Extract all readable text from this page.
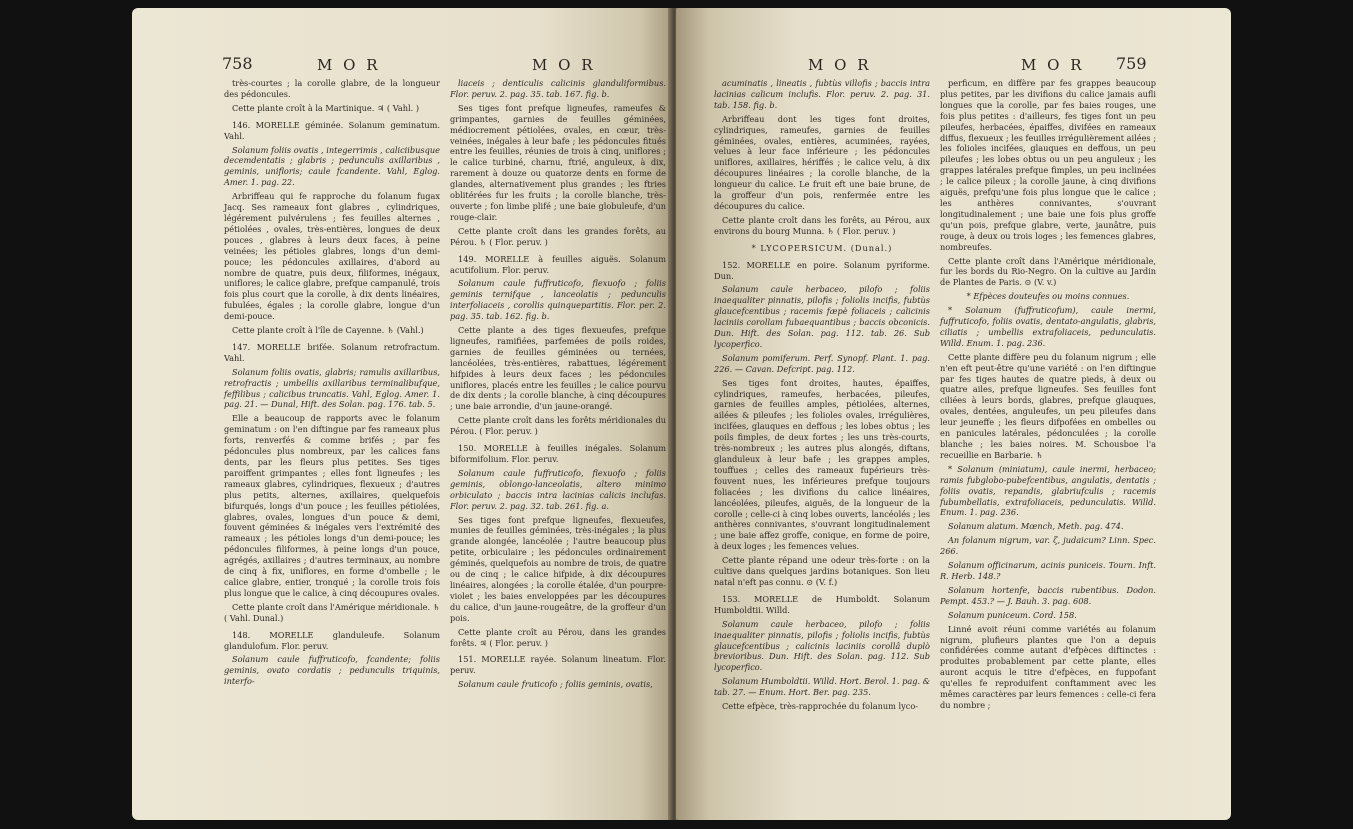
758	M O R	M O R

très-courtes ; la corolle glabre, de la longueur des pédoncules.

Cette plante croît à la Martinique. ♃ ( Vahl. )

146. MORELLE géminée. Solanum geminatum. Vahl.

Solanum foliis ovatis , integerrimis , caliciibusque decemdentatis ; glabris ; pedunculis axillaribus , geminis, unifloris; caule fcandente. Vahl, Eglog. Amer. 1. pag. 22.

Arbriffeau qui fe rapproche du folanum fugax Jacq. Ses rameaux font glabres , cylindriques, légérement pulvérulens ; fes feuilles alternes , pétiolées , ovales, très-entières, longues de deux pouces , glabres à leurs deux faces, à peine veinées; les pétioles glabres, longs d'un demi-pouce; les pédoncules axillaires, d'abord au nombre de quatre, puis deux, filiformes, inégaux, uniflores; le calice glabre, prefque campanulé, trois fois plus court que la corolle, à dix dents linéaires, fubulées, égales ; la corolle glabre, longue d'un demi-pouce.

Cette plante croît à l'île de Cayenne. ♄ (Vahl.)

147. MORELLE brifée. Solanum retrofractum. Vahl.

Solanum foliis ovatis, glabris; ramulis axillaribus, retrofractis ; umbellis axillaribus terminalibufque, feffilibus ; calicibus truncatis. Vahl, Eglog. Amer. 1. pag. 21. — Dunal, Hift. des Solan. pag. 176. tab. 5.

Elle a beaucoup de rapports avec le folanum geminatum : on l'en diftingue par fes rameaux plus forts, renverfés & comme brifés ; par fes pédoncules plus nombreux, par les calices fans dents, par les fleurs plus petites. Ses tiges paroiffent grimpantes ; elles font ligneufes ; les rameaux glabres, cylindriques, flexueux ; d'autres plus petits, alternes, axillaires, quelquefois bifurqués, longs d'un pouce ; les feuilles pétiolées, glabres, ovales, longues d'un pouce & demi, fouvent géminées & inégales vers l'extrémité des rameaux ; les pétioles longs d'un demi-pouce; les pédoncules filiformes, à peine longs d'un pouce, agrégés, axillaires ; d'autres terminaux, au nombre de cinq à fix, uniflores, en forme d'ombelle ; le calice glabre, entier, tronqué ; la corolle trois fois plus longue que le calice, à cinq découpures ovales.

Cette plante croît dans l'Amérique méridionale. ♄ ( Vahl. Dunal.)

148. MORELLE glanduleufe. Solanum glandulofum. Flor. peruv.

Solanum caule fuffruticofo, fcandente; foliis geminis, ovato cordatis ; pedunculis triquinis, interfo-

liaceis ; denticulis calicinis glanduliformibus. Flor. peruv. 2. pag. 35. tab. 167. fig. b.

Ses tiges font prefque ligneufes, rameufes & grimpantes, garnies de feuilles géminées, médiocrement pétiolées, ovales, en cœur, très-veinées, inégales à leur bafe ; les pédoncules fitués entre les feuilles, réunies de trois à cinq, uniflores ; le calice turbiné, charnu, ftrié, anguleux, à dix, rarement à douze ou quatorze dents en forme de glandes, alternativement plus grandes ; les ftries oblitérées fur les fruits ; la corolle blanche, très-ouverte ; fon limbe plifé ; une baie globuleufe, d'un rouge-clair.

Cette plante croît dans les grandes forêts, au Pérou. ♄ ( Flor. peruv. )

149. MORELLE à feuilles aiguës. Solanum acutifolium. Flor. peruv.

Solanum caule fuffruticofo, flexuofo ; foliis geminis ternifque , lanceolatis ; pedunculis interfoliaceis , corollis quinquepartitis. Flor. per. 2. pag. 35. tab. 162. fig. b.

Cette plante a des tiges flexueufes, prefque ligneufes, ramifiées, parfemées de poils roides, garnies de feuilles géminées ou ternées, lancéolées, très-entières, rabattues, légérement hifpides à leurs deux faces ; les pédoncules uniflores, placés entre les feuilles ; le calice pourvu de dix dents ; la corolle blanche, à cinq découpures ; une baie arrondie, d'un jaune-orangé.

Cette plante croît dans les forêts méridionales du Pérou. ( Flor. peruv. )

150. MORELLE à feuilles inégales. Solanum biformifolium. Flor. peruv.

Solanum caule fuffruticofo, flexuofo ; foliis geminis, oblongo-lanceolatis, altero minimo orbiculato ; baccis intra lacinias calicis inclufas. Flor. peruv. 2. pag. 32. tab. 261. fig. a.

Ses tiges font prefque ligneufes, flexueufes, munies de feuilles géminées, très-inégales ; la plus grande alongée, lancéolée ; l'autre beaucoup plus petite, orbiculaire ; les pédoncules ordinairement géminés, quelquefois au nombre de trois, de quatre ou de cinq ; le calice hifpide, à dix découpures linéaires, alongées ; la corolle étalée, d'un pourpre-violet ; les baies enveloppées par les découpures du calice, d'un jaune-rougeâtre, de la groffeur d'un pois.

Cette plante croît au Pérou, dans les grandes forêts. ♃ ( Flor. peruv. )

151. MORELLE rayée. Solanum lineatum. Flor. peruv.

Solanum caule fruticofo ; foliis geminis, ovatis,

M O R	M O R 759

acuminatis , lineatis , fubtùs villofis ; baccis intra lacinias calicum inclufis. Flor. peruv. 2. pag. 31. tab. 158. fig. b.

Arbriffeau dont les tiges font droites, cylindriques, rameufes, garnies de feuilles géminées, ovales, entières, acuminées, rayées, velues à leur face inférieure ; les pédoncules uniflores, axillaires, hériffés ; le calice velu, à dix découpures linéaires ; la corolle blanche, de la longueur du calice. Le fruit eft une baie brune, de la groffeur d'un pois, renfermée entre les découpures du calice.

Cette plante croît dans les forêts, au Pérou, aux environs du bourg Munna. ♄ ( Flor. peruv. )

* LYCOPERSICUM. (Dunal.)

152. MORELLE en poire. Solanum pyriforme. Dun.

Solanum caule herbaceo, pilofo ; foliis inaequaliter pinnatis, pilofis ; foliolis incifis, fubtùs glaucefcentibus ; racemis fæpè foliaceis ; calicinis laciniis corollam fubaequantibus ; baccis obconicis. Dun. Hift. des Solan. pag. 112. tab. 26. Sub lycoperfico.

Solanum pomiferum. Perf. Synopf. Plant. 1. pag. 226. — Cavan. Defcript. pag. 112.

Ses tiges font droites, hautes, épaiffes, cylindriques, rameufes, herbacées, pileufes, garnies de feuilles amples, pétiolées, alternes, ailées & pileufes ; les folioles ovales, irrégulières, incifées, glauques en deffous ; les lobes obtus ; les poils fimples, de deux fortes ; les uns très-courts, très-nombreux ; les autres plus alongés, diftans, glanduleux à leur bafe ; les grappes amples, touffues ; celles des rameaux fupérieurs très-fouvent nues, les inférieures prefque toujours foliacées ; les divifions du calice linéaires, lancéolées, pileufes, aiguës, de la longueur de la corolle ; celle-ci à cinq lobes ouverts, lancéolés ; les anthères connivantes, s'ouvrant longitudinalement ; une baie affez groffe, conique, en forme de poire, à deux loges ; les femences velues.

Cette plante répand une odeur très-forte : on la cultive dans quelques jardins botaniques. Son lieu natal n'eft pas connu. ⊙ (V. f.)

153. MORELLE de Humboldt. Solanum Humboldtii. Willd.

Solanum caule herbaceo, pilofo ; foliis inaequaliter pinnatis, pilofis ; foliolis incifis, fubtùs glaucefcentibus ; calicinis laciniis corollâ duplò brevioribus. Dun. Hift. des Solan. pag. 112. Sub lycoperfico.

Solanum Humboldtii. Willd. Hort. Berol. 1. pag. & tab. 27. — Enum. Hort. Ber. pag. 235.

Cette efpèce, très-rapprochée du folanum lyco-

perficum, en diffère par fes grappes beaucoup plus petites, par les divifions du calice jamais aufli longues que la corolle, par fes baies rouges, une fois plus petites : d'ailleurs, fes tiges font un peu pileufes, herbacées, épaiffes, divifées en rameaux diffus, flexueux ; les feuilles irrégulièrement ailées ; les folioles incifées, glauques en deffous, un peu pileufes ; les lobes obtus ou un peu anguleux ; les grappes latérales prefque fimples, un peu inclinées ; le calice pileux ; la corolle jaune, à cinq divifions aiguës, prefqu'une fois plus longue que le calice ; les anthères connivantes, s'ouvrant longitudinalement ; une baie une fois plus groffe qu'un pois, prefque glabre, verte, jaunâtre, puis rouge, à deux ou trois loges ; les femences glabres, nombreufes.

Cette plante croît dans l'Amérique méridionale, fur les bords du Rio-Negro. On la cultive au Jardin de Plantes de Paris. ⊙ (V. v.)

* Efpèces douteufes ou moins connues.

* Solanum (fuffruticofum), caule inermi, fuffruticofo, foliis ovatis, dentato-angulatis, glabris, ciliatis ; umbellis extrafoliaceis, pedunculatis. Willd. Enum. 1. pag. 236.

Cette plante diffère peu du folanum nigrum ; elle n'en eft peut-être qu'une variété : on l'en diftingue par fes tiges hautes de quatre pieds, à deux ou quatre ailes, prefque ligneufes. Ses feuilles font ciliées à leurs bords, glabres, prefque glauques, ovales, dentées, anguleufes, un peu pileufes dans leur jeuneffe ; les fleurs difpofées en ombelles ou en panicules latérales, pédonculées ; la corolle blanche ; les baies noires. M. Schousboe l'a recueillie en Barbarie. ♄

* Solanum (miniatum), caule inermi, herbaceo; ramis fubglobo-pubefcentibus, angulatis, dentatis ; foliis ovatis, repandis, glabriufculis ; racemis fubumbellatis, extrafoliaceis, pedunculatis. Willd. Enum. 1. pag. 236.

Solanum alatum. Mœnch, Meth. pag. 474.

An folanum nigrum, var. ζ, judaicum? Linn. Spec. 266.

Solanum officinarum, acinis puniceis. Tourn. Inft. R. Herb. 148.?

Solanum hortenfe, baccis rubentibus. Dodon. Pempt. 453.? — J. Bauh. 3. pag. 608.

Solanum puniceum. Cord. 158.

Linné avoit réuni comme variétés au folanum nigrum, plufieurs plantes que l'on a depuis confidérées comme autant d'efpèces diftinctes : produites probablement par cette plante, elles auront acquis le titre d'efpèces, en fuppofant qu'elles fe reproduifent conftamment avec les mêmes caractères par leurs femences : celle-ci fera du nombre ;
